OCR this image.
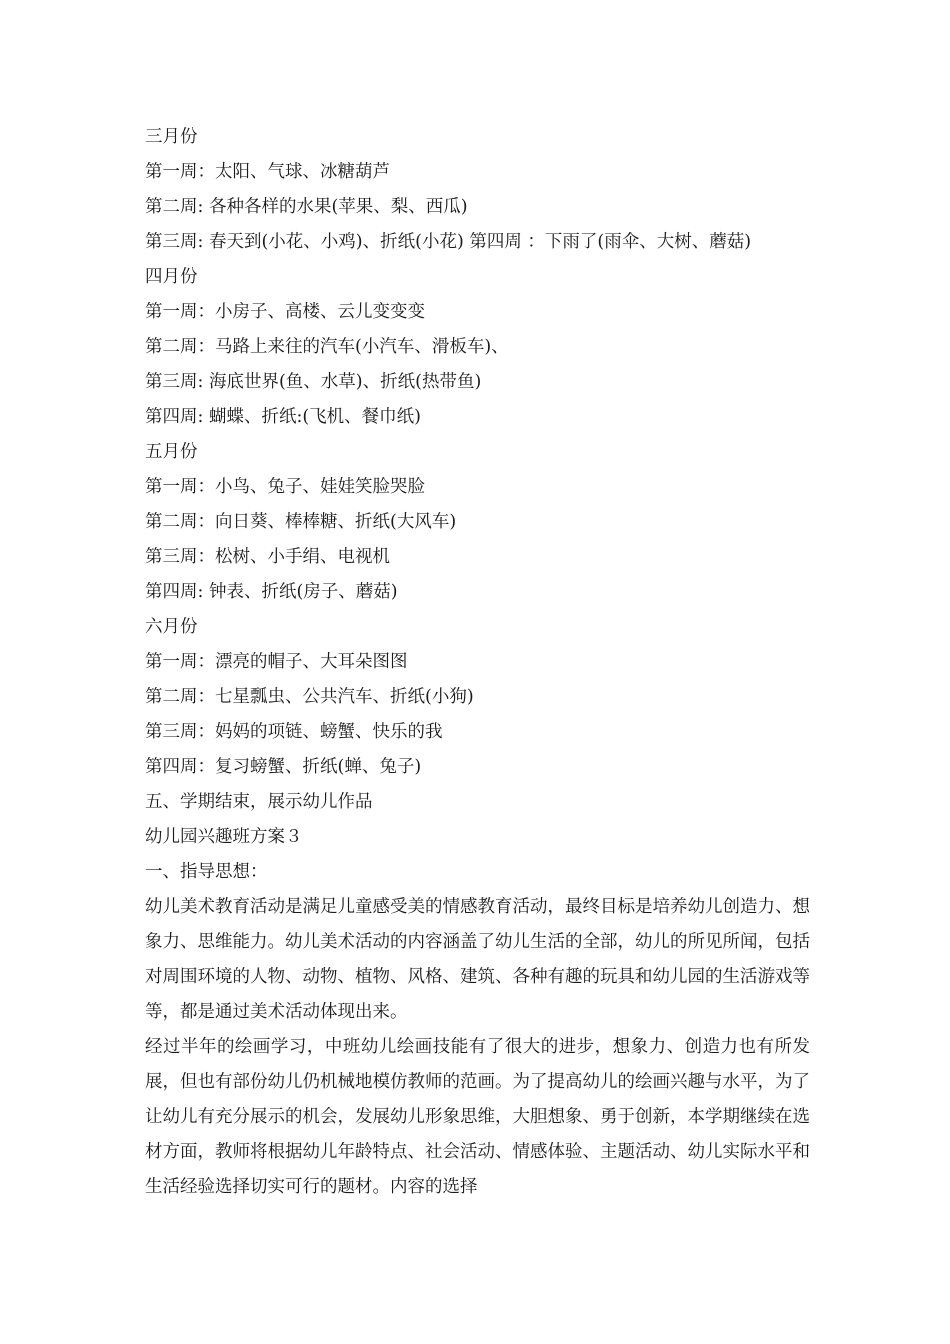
三月份

第一周：太阳、气球、冰糖葫芦

第二周: 各种各样的水果(苹果、梨、西瓜)

第三周: 春天到(小花、小鸡)、折纸(小花) 第四周 ：下雨了(雨伞、大树、蘑菇)

四月份

第一周：小房子、高楼、云儿变变变

第二周：马路上来往的汽车(小汽车、滑板车)、

第三周: 海底世界(鱼、水草)、折纸(热带鱼)

第四周: 蝴蝶、折纸:(飞机、餐巾纸)

五月份

第一周：小鸟、兔子、娃娃笑脸哭脸

第二周：向日葵、棒棒糖、折纸(大风车)

第三周：松树、小手绢、电视机

第四周: 钟表、折纸(房子、蘑菇)

六月份

第一周：漂亮的帽子、大耳朵图图

第二周：七星瓢虫、公共汽车、折纸(小狗)

第三周：妈妈的项链、螃蟹、快乐的我

第四周：复习螃蟹、折纸(蝉、兔子)

五、学期结束，展示幼儿作品

幼儿园兴趣班方案３

一、指导思想：

幼儿美术教育活动是满足儿童感受美的情感教育活动，最终目标是培养幼儿创造力、想象力、思维能力。幼儿美术活动的内容涵盖了幼儿生活的全部，幼儿的所见所闻，包括对周围环境的人物、动物、植物、风格、建筑、各种有趣的玩具和幼儿园的生活游戏等等，都是通过美术活动体现出来。

经过半年的绘画学习，中班幼儿绘画技能有了很大的进步，想象力、创造力也有所发展，但也有部份幼儿仍机械地模仿教师的范画。为了提高幼儿的绘画兴趣与水平，为了让幼儿有充分展示的机会，发展幼儿形象思维，大胆想象、勇于创新，本学期继续在选材方面，教师将根据幼儿年龄特点、社会活动、情感体验、主题活动、幼儿实际水平和生活经验选择切实可行的题材。内容的选择
